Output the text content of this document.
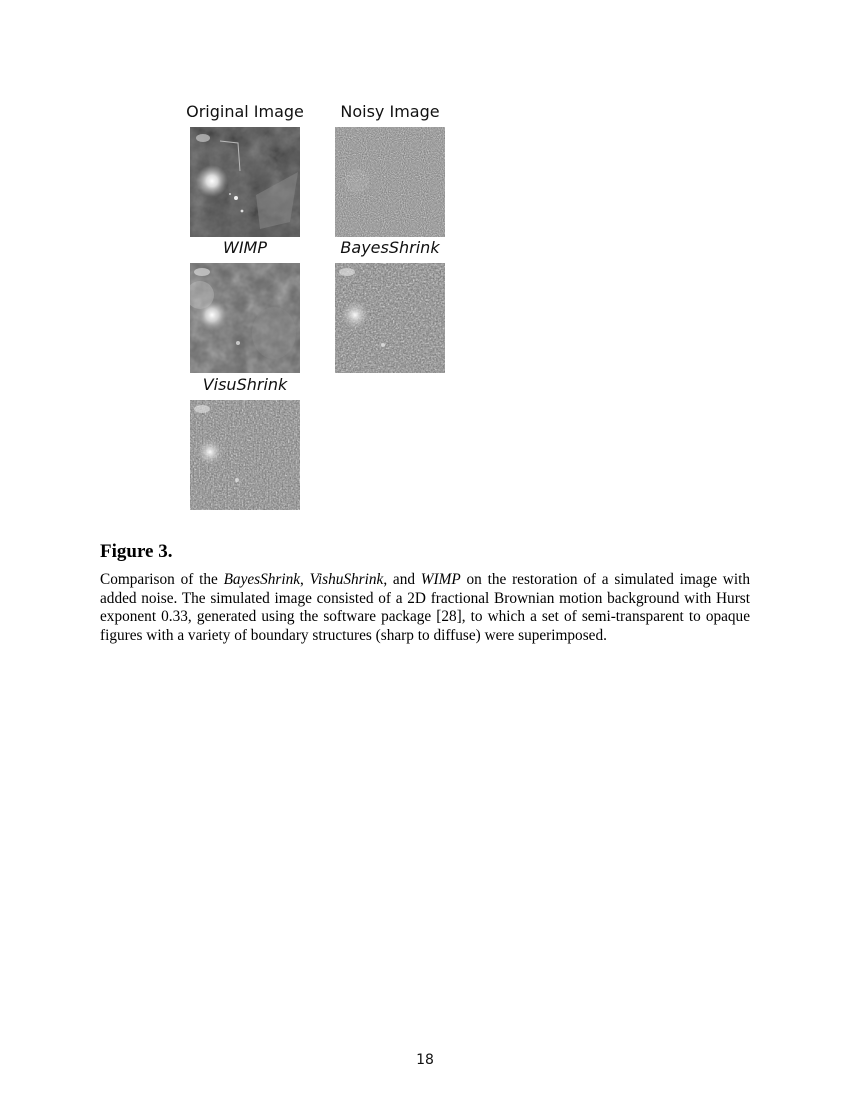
Original Image	Noisy Image
WIMP	BayesShrink
VisuShrink
Figure 3.
Comparison of the BayesShrink, VishuShrink, and WIMP on the restoration of a simulated image with added noise. The simulated image consisted of a 2D fractional Brownian motion background with Hurst exponent 0.33, generated using the software package [28], to which a set of semi-transparent to opaque figures with a variety of boundary structures (sharp to diffuse) were superimposed.
18
